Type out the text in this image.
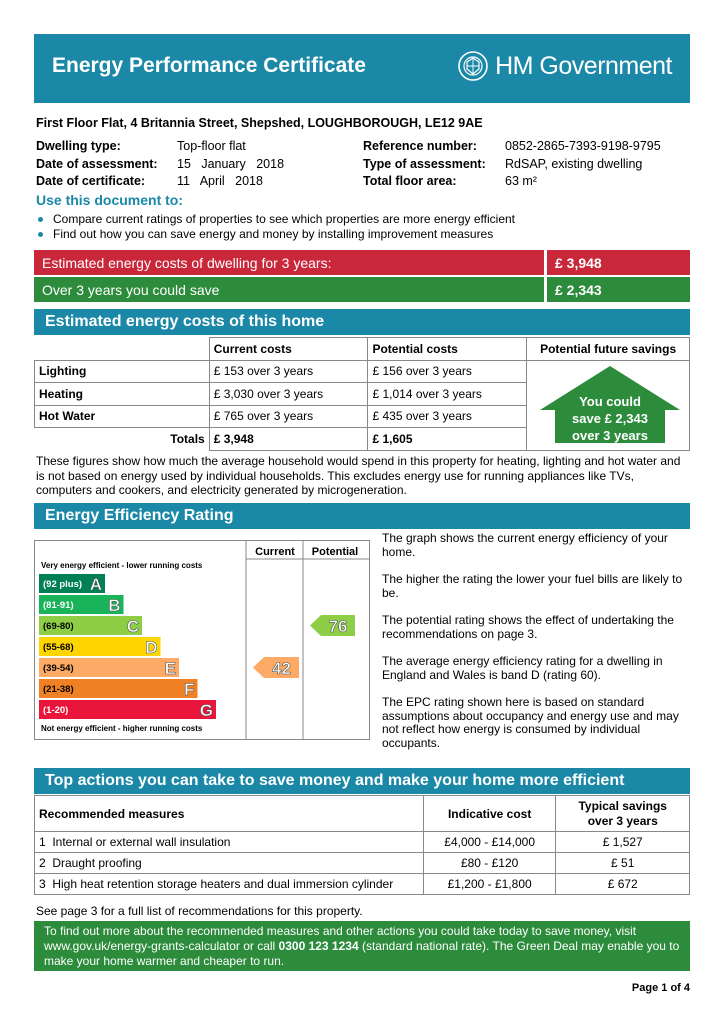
Energy Performance Certificate	HM Government
First Floor Flat, 4 Britannia Street, Shepshed, LOUGHBOROUGH, LE12 9AE
Dwelling type:	Top-floor flat
Date of assessment: 15   January   2018
Date of certificate:	11   April   2018
Reference number: 0852-2865-7393-9198-9795
Type of assessment: RdSAP, existing dwelling
Total floor area:	63 m²
Use this document to:
Compare current ratings of properties to see which properties are more energy efficient
Find out how you can save energy and money by installing improvement measures
Estimated energy costs of dwelling for 3 years:	£ 3,948
Over 3 years you could save	£ 2,343
Estimated energy costs of this home
	Current costs	Potential costs	Potential future savings
Lighting	£ 153 over 3 years	£ 156 over 3 years	
Heating	£ 3,030 over 3 years	£ 1,014 over 3 years	
Hot Water	£ 765 over 3 years	£ 435 over 3 years	
Totals	£ 3,948	£ 1,605	
You could
save £ 2,343
over 3 years
These figures show how much the average household would spend in this property for heating, lighting and hot water and is not based on energy used by individual households. This excludes energy use for running appliances like TVs, computers and cookers, and electricity generated by microgeneration.
Energy Efficiency Rating
Current Potential
Very energy efficient - lower running costs
Not energy efficient - higher running costs
(92 plus) A
(81-91) B
(69-80)	C
(55-68)	D
(39-54)	E
(21-38)	F
(1-20)	G
42
76

The graph shows the current energy efficiency of your home.

The higher the rating the lower your fuel bills are likely to be.

The potential rating shows the effect of undertaking the recommendations on page 3.

The average energy efficiency rating for a dwelling in England and Wales is band D (rating 60).

The EPC rating shown here is based on standard assumptions about occupancy and energy use and may not reflect how energy is consumed by individual occupants.

Top actions you can take to save money and make your home more efficient
Recommended measures	Indicative cost	Typical savings
over 3 years

1  Internal or external wall insulation	£4,000 - £14,000	£ 1,527
2  Draught proofing	£80 - £120	£ 51
3  High heat retention storage heaters and dual immersion cylinder	£1,200 - £1,800	£ 672
See page 3 for a full list of recommendations for this property.
To find out more about the recommended measures and other actions you could take today to save money, visit www.gov.uk/energy-grants-calculator or call 0300 123 1234 (standard national rate). The Green Deal may enable you to make your home warmer and cheaper to run.
Page 1 of 4
